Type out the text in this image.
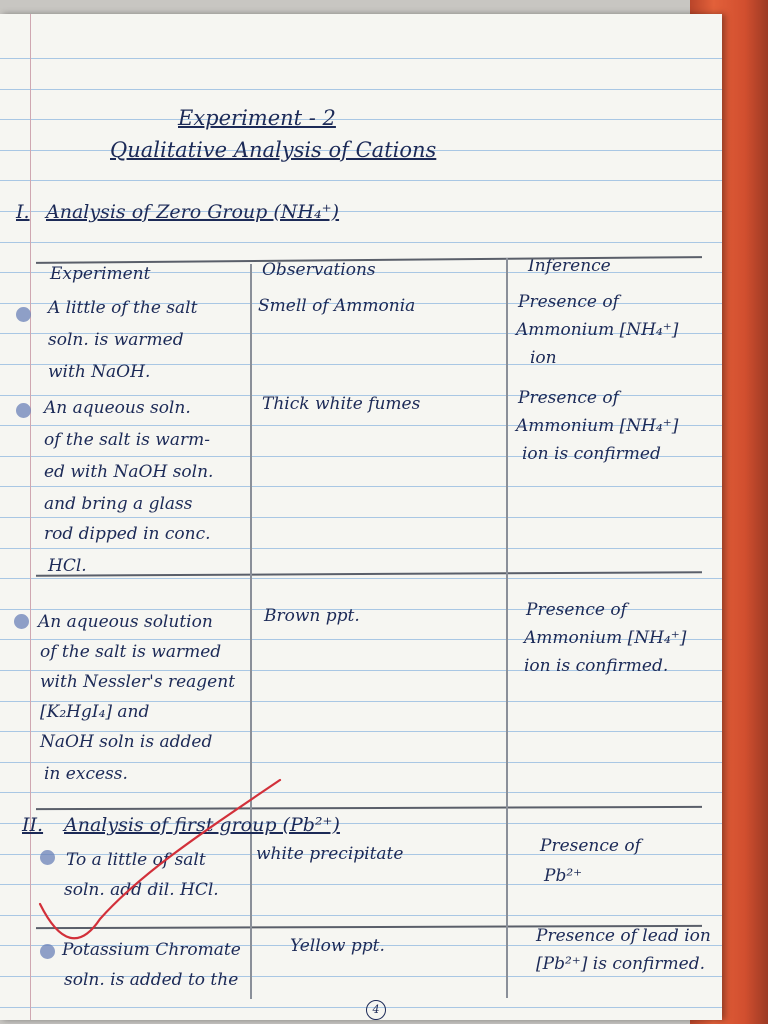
Experiment - 2
Qualitative Analysis of Cations
I. Analysis of Zero Group (NH₄⁺)
Experiment	Observations	Inference
A little of the salt
soln. is warmed
with NaOH.
Smell of Ammonia	Presence of
Ammonium [NH₄⁺]
ion
An aqueous soln.
of the salt is warm-
ed with NaOH soln.
and bring a glass
rod dipped in conc.
HCl.
Thick white fumes	Presence of
Ammonium [NH₄⁺]
ion is confirmed
An aqueous solution
of the salt is warmed
with Nessler's reagent
[K₂HgI₄] and
NaOH soln is added
in excess.
Brown ppt.	Presence of
Ammonium [NH₄⁺]
ion is confirmed.
II. Analysis of first group (Pb²⁺)
To a little of salt
soln. add dil. HCl.
white precipitate	Presence of
Pb²⁺
Potassium Chromate
soln. is added to the
Yellow ppt.	Presence of lead ion
[Pb²⁺] is confirmed.
4
